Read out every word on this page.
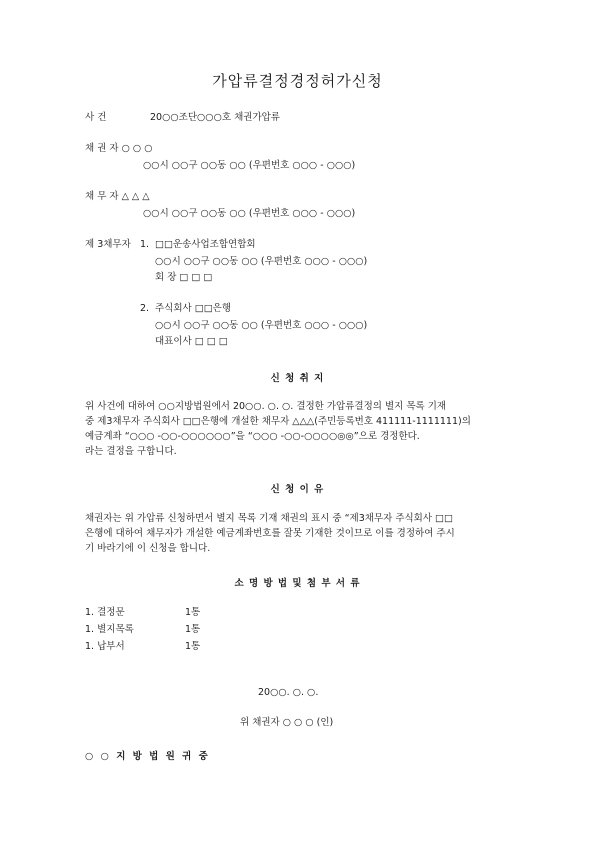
가압류결정경정허가신청
사 건	20○○조단○○○호 채권가압류
채 권 자 ○ ○ ○
○○시 ○○구 ○○동 ○○ (우편번호 ○○○ - ○○○)
채 무 자 △ △ △
○○시 ○○구 ○○동 ○○ (우편번호 ○○○ - ○○○)
제 3채무자 1. □□운송사업조합연합회
○○시 ○○구 ○○동 ○○ (우편번호 ○○○ - ○○○)
회 장 □ □ □
2. 주식회사 □□은행
○○시 ○○구 ○○동 ○○ (우편번호 ○○○ - ○○○)
대표이사 □ □ □
신 청 취 지
위 사건에 대하여 ○○지방법원에서 20○○. ○. ○. 결정한 가압류결정의 별지 목록 기재
중 제3채무자 주식회사 □□은행에 개설한 채무자 △△△(주민등록번호 411111-1111111)의
예금계좌 “○○○ -○○-○○○○○○”을 “○○○ -○○-○○○○◎◎”으로 경정한다.
라는 결정을 구합니다.
신 청 이 유
채권자는 위 가압류 신청하면서 별지 목록 기재 채권의 표시 중 “제3채무자 주식회사 □□
은행에 대하여 채무자가 개설한 예금계좌번호를 잘못 기재한 것이므로 이를 경정하여 주시
기 바라기에 이 신청을 합니다.
소 명 방 법 및 첨 부 서 류
1. 결정문	1통
1. 별지목록	1통
1. 납부서	1통
20○○. ○. ○.
위 채권자 ○ ○ ○ (인)
○ ○ 지 방 법 원 귀 중
